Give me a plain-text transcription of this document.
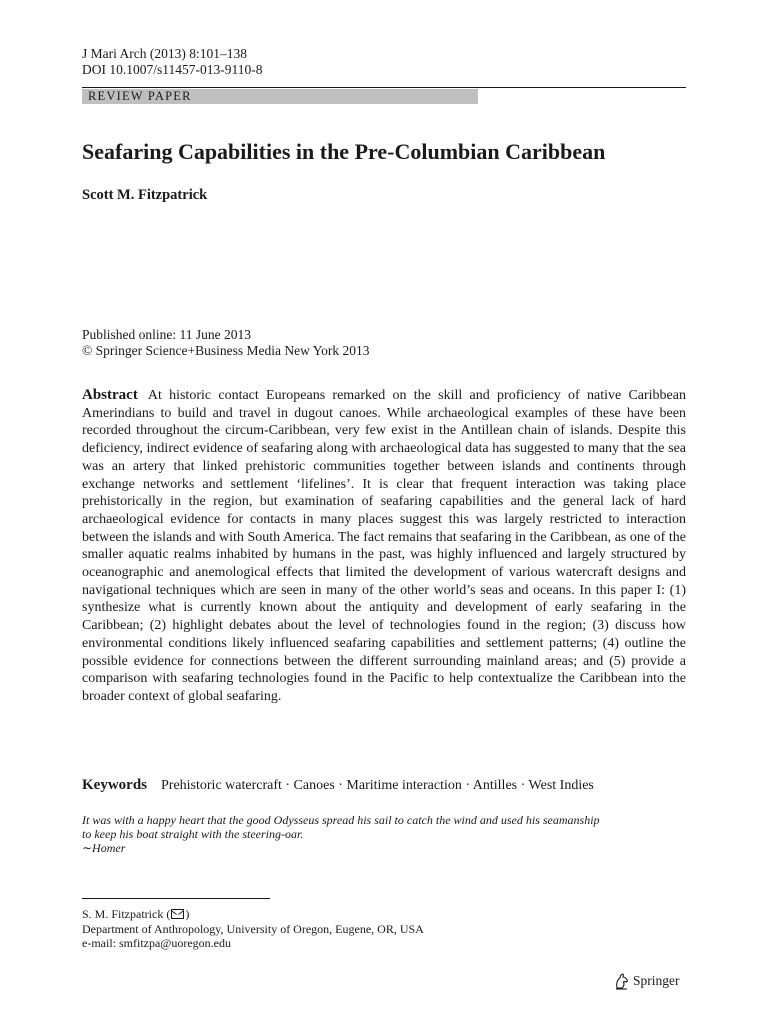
J Mari Arch (2013) 8:101–138
DOI 10.1007/s11457-013-9110-8
REVIEW PAPER
Seafaring Capabilities in the Pre-Columbian Caribbean
Scott M. Fitzpatrick
Published online: 11 June 2013
© Springer Science+Business Media New York 2013
Abstract At historic contact Europeans remarked on the skill and proficiency of native Caribbean Amerindians to build and travel in dugout canoes. While archaeological examples of these have been recorded throughout the circum-Caribbean, very few exist in the Antillean chain of islands. Despite this deficiency, indirect evidence of seafaring along with archaeological data has suggested to many that the sea was an artery that linked prehistoric communities together between islands and continents through exchange networks and settlement ‘lifelines’. It is clear that frequent interaction was taking place prehistorically in the region, but examination of seafaring capabilities and the general lack of hard archaeological evidence for contacts in many places suggest this was largely restricted to interaction between the islands and with South America. The fact remains that seafaring in the Caribbean, as one of the smaller aquatic realms inhabited by humans in the past, was highly influenced and largely structured by oceanographic and anemological effects that limited the development of various watercraft designs and navigational techniques which are seen in many of the other world’s seas and oceans. In this paper I: (1) synthesize what is currently known about the antiquity and development of early seafaring in the Caribbean; (2) highlight debates about the level of technologies found in the region; (3) discuss how environmental conditions likely influenced seafaring capabilities and settlement patterns; (4) outline the possible evidence for connections between the different surrounding mainland areas; and (5) provide a comparison with seafaring technologies found in the Pacific to help contextualize the Caribbean into the broader context of global seafaring.
Keywords Prehistoric watercraft · Canoes · Maritime interaction · Antilles · West Indies
It was with a happy heart that the good Odysseus spread his sail to catch the wind and used his seamanship
to keep his boat straight with the steering-oar.
∼Homer
S. M. Fitzpatrick ( )
Department of Anthropology, University of Oregon, Eugene, OR, USA
e-mail: smfitzpa@uoregon.edu
Springer
